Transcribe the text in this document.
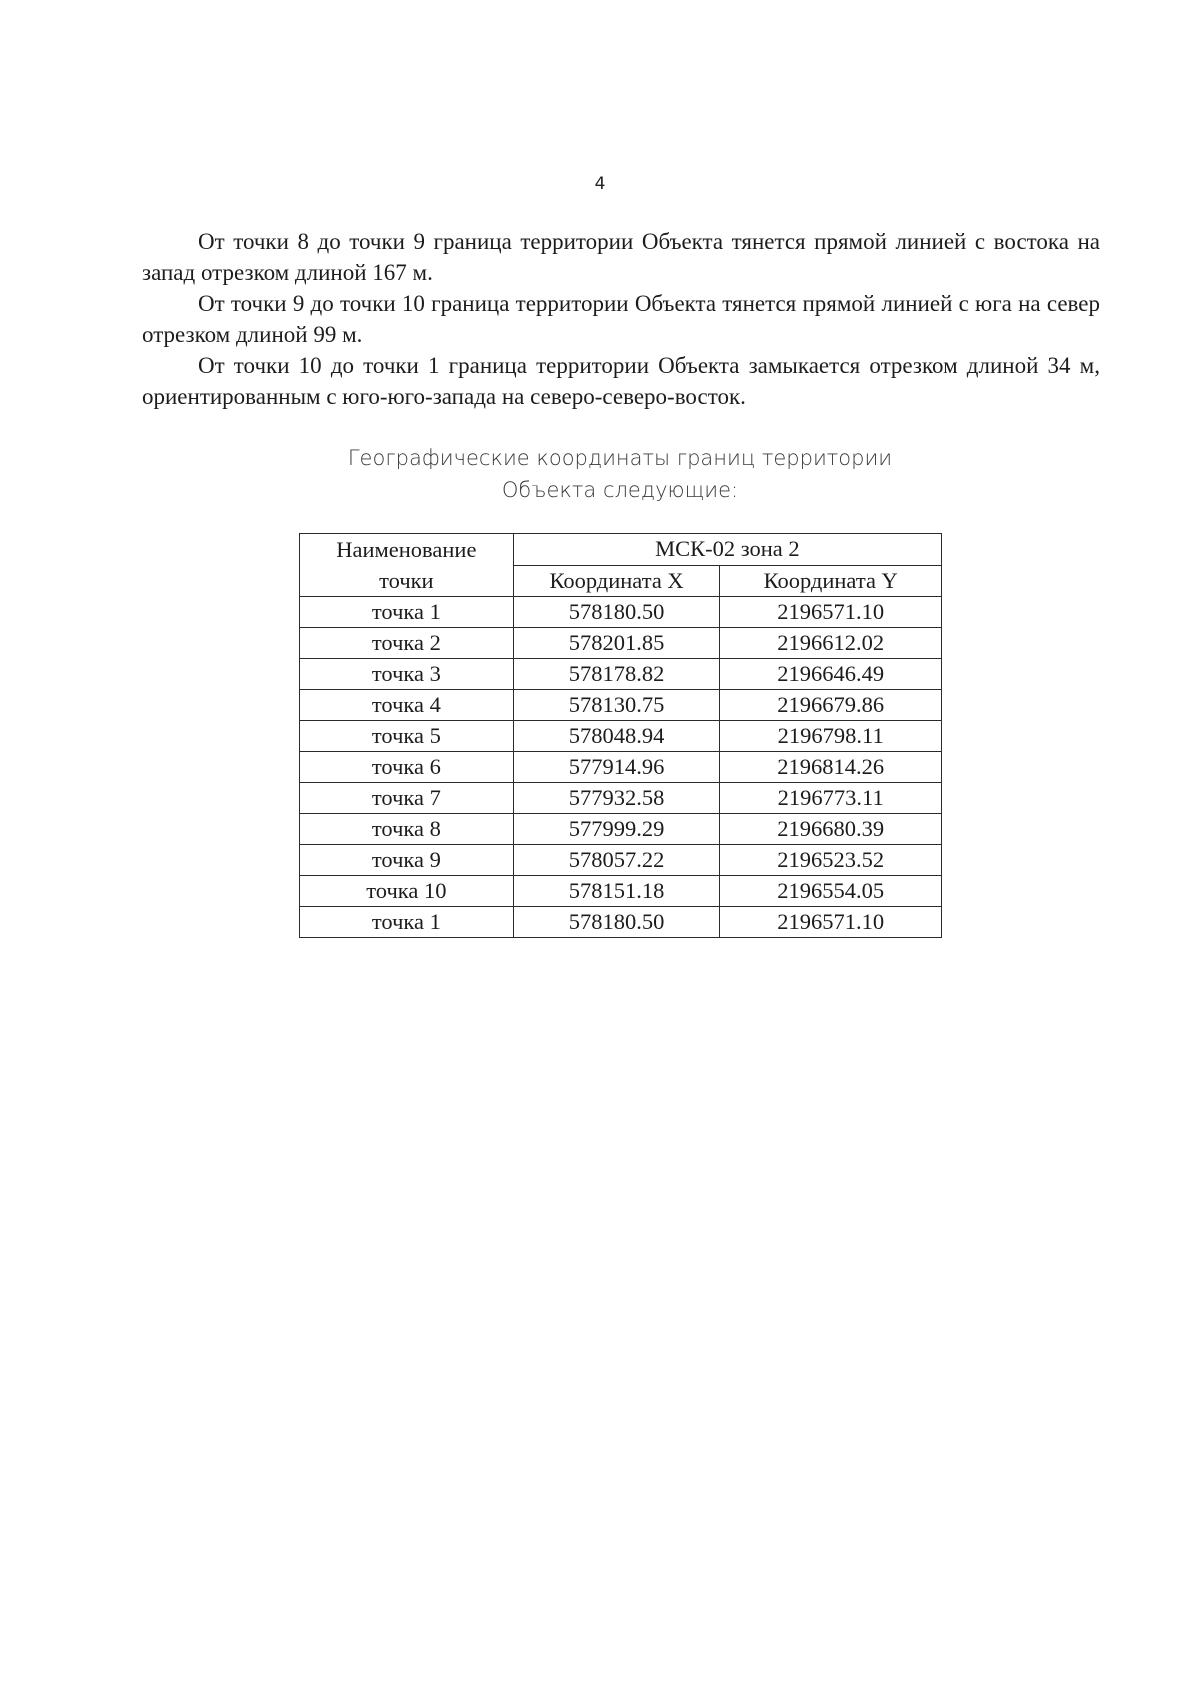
4

От точки 8 до точки 9 граница территории Объекта тянется прямой линией с востока на запад отрезком длиной 167 м.

От точки 9 до точки 10 граница территории Объекта тянется прямой линией с юга на север отрезком длиной 99 м.

От точки 10 до точки 1 граница территории Объекта замыкается отрезком длиной 34 м, ориентированным с юго-юго-запада на северо-северо-восток.

Географические координаты границ территории
Объекта следующие:
Наименование
точки	МСК-02 зона 2	
	Координата X	Координата Y
точка 1	578180.50	2196571.10
точка 2	578201.85	2196612.02
точка 3	578178.82	2196646.49
точка 4	578130.75	2196679.86
точка 5	578048.94	2196798.11
точка 6	577914.96	2196814.26
точка 7	577932.58	2196773.11
точка 8	577999.29	2196680.39
точка 9	578057.22	2196523.52
точка 10	578151.18	2196554.05
точка 1	578180.50	2196571.10
